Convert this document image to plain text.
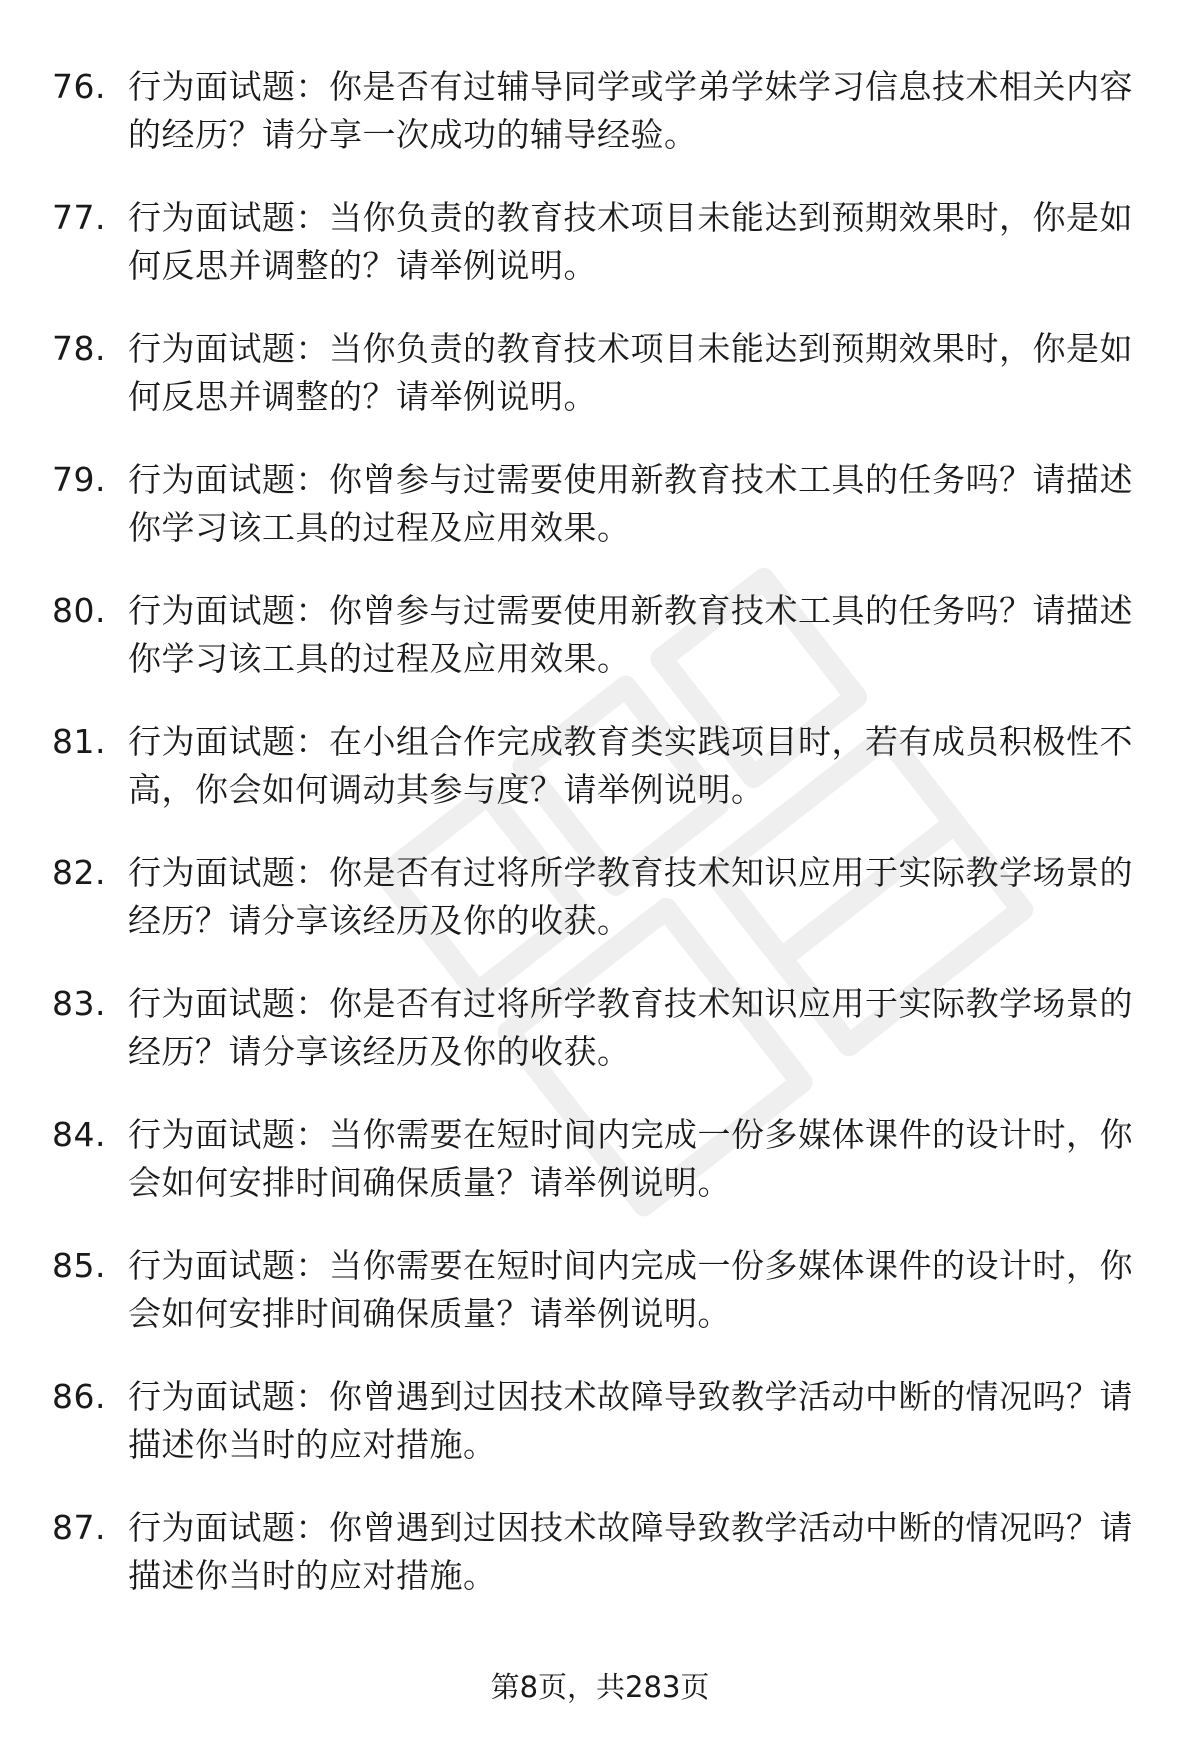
76. 行为面试题：你是否有过辅导同学或学弟学妹学习信息技术相关内容的经历？请分享一次成功的辅导经验。
77. 行为面试题：当你负责的教育技术项目未能达到预期效果时，你是如何反思并调整的？请举例说明。
78. 行为面试题：当你负责的教育技术项目未能达到预期效果时，你是如何反思并调整的？请举例说明。
79. 行为面试题：你曾参与过需要使用新教育技术工具的任务吗？请描述你学习该工具的过程及应用效果。
80. 行为面试题：你曾参与过需要使用新教育技术工具的任务吗？请描述你学习该工具的过程及应用效果。
81. 行为面试题：在小组合作完成教育类实践项目时，若有成员积极性不高，你会如何调动其参与度？请举例说明。
82. 行为面试题：你是否有过将所学教育技术知识应用于实际教学场景的经历？请分享该经历及你的收获。
83. 行为面试题：你是否有过将所学教育技术知识应用于实际教学场景的经历？请分享该经历及你的收获。
84. 行为面试题：当你需要在短时间内完成一份多媒体课件的设计时，你会如何安排时间确保质量？请举例说明。
85. 行为面试题：当你需要在短时间内完成一份多媒体课件的设计时，你会如何安排时间确保质量？请举例说明。
86. 行为面试题：你曾遇到过因技术故障导致教学活动中断的情况吗？请描述你当时的应对措施。
87. 行为面试题：你曾遇到过因技术故障导致教学活动中断的情况吗？请描述你当时的应对措施。
第8页，共283页
